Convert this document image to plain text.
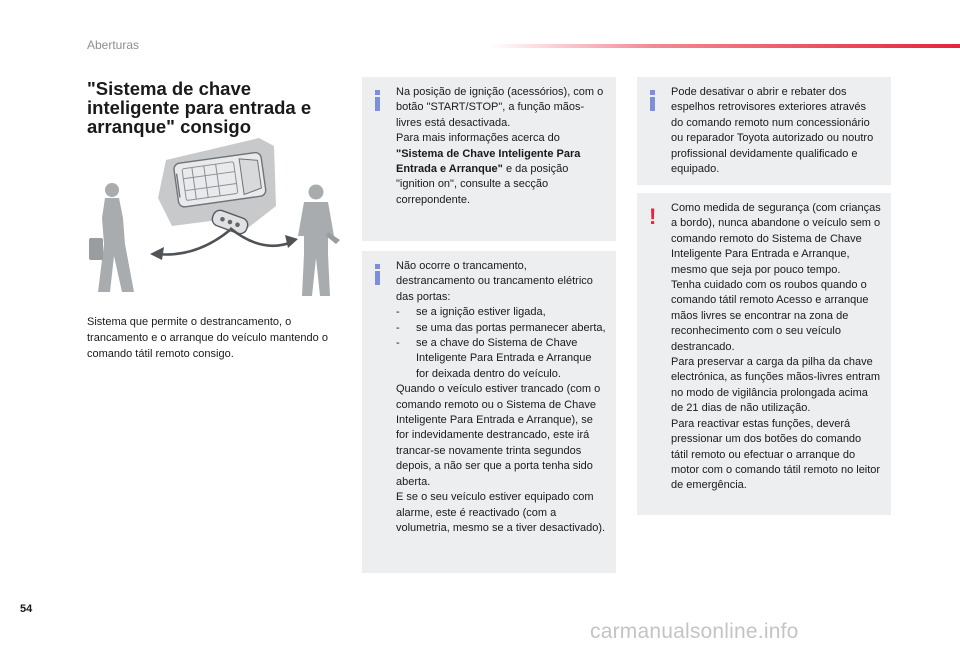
Aberturas
"Sistema de chave inteligente para entrada e arranque" consigo

Sistema que permite o destrancamento, o trancamento e o arranque do veículo mantendo o comando tátil remoto consigo.

Na posição de ignição (acessórios), com o botão "START/STOP", a função mãos-livres está desactivada.

Para mais informações acerca do
"Sistema de Chave Inteligente Para Entrada e Arranque" e da posição "ignition on", consulte a secção correpondente.

Não ocorre o trancamento, destrancamento ou trancamento elétrico das portas:

- se a ignição estiver ligada,
- se uma das portas permanecer aberta,
- se a chave do Sistema de Chave Inteligente Para Entrada e Arranque for deixada dentro do veículo.

Quando o veículo estiver trancado (com o comando remoto ou o Sistema de Chave Inteligente Para Entrada e Arranque), se for indevidamente destrancado, este irá trancar-se novamente trinta segundos depois, a não ser que a porta tenha sido aberta.

E se o seu veículo estiver equipado com alarme, este é reactivado (com a volumetria, mesmo se a tiver desactivado).

Pode desativar o abrir e rebater dos espelhos retrovisores exteriores através do comando remoto num concessionário ou reparador Toyota autorizado ou noutro profissional devidamente qualificado e equipado.

! Como medida de segurança (com crianças a bordo), nunca abandone o veículo sem o comando remoto do Sistema de Chave Inteligente Para Entrada e Arranque, mesmo que seja por pouco tempo.

Tenha cuidado com os roubos quando o comando tátil remoto Acesso e arranque mãos livres se encontrar na zona de reconhecimento com o seu veículo destrancado.

Para preservar a carga da pilha da chave electrónica, as funções mãos-livres entram no modo de vigilância prolongada acima de 21 dias de não utilização.

Para reactivar estas funções, deverá pressionar um dos botões do comando tátil remoto ou efectuar o arranque do motor com o comando tátil remoto no leitor de emergência.

54
carmanualsonline.info
